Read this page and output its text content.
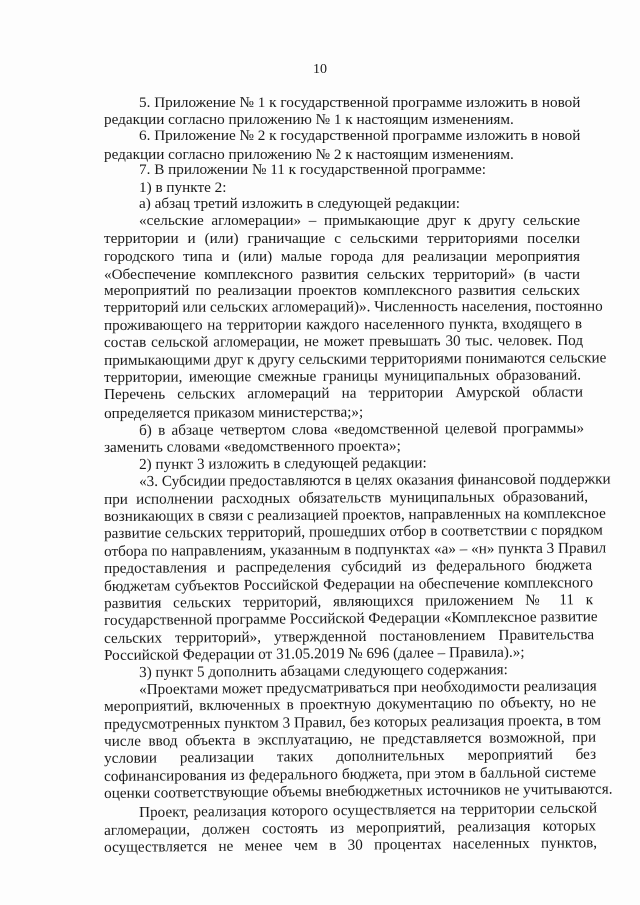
10
5. Приложение № 1 к государственной программе изложить в новой
редакции согласно приложению № 1 к настоящим изменениям.
6. Приложение № 2 к государственной программе изложить в новой
редакции согласно приложению № 2 к настоящим изменениям.
7. В приложении № 11 к государственной программе:
1) в пункте 2:
а) абзац третий изложить в следующей редакции:
«сельские агломерации» – примыкающие друг к другу сельские
территории и (или) граничащие с сельскими территориями поселки
городского типа и (или) малые города для реализации мероприятия
«Обеспечение комплексного развития сельских территорий» (в части
мероприятий по реализации проектов комплексного развития сельских
территорий или сельских агломераций)». Численность населения, постоянно
проживающего на территории каждого населенного пункта, входящего в
состав сельской агломерации, не может превышать 30 тыс. человек. Под
примыкающими друг к другу сельскими территориями понимаются сельские
территории, имеющие смежные границы муниципальных образований.
Перечень сельских агломераций на территории Амурской области
определяется приказом министерства;»;
б) в абзаце четвертом слова «ведомственной целевой программы»
заменить словами «ведомственного проекта»;
2) пункт 3 изложить в следующей редакции:
«3. Субсидии предоставляются в целях оказания финансовой поддержки
при исполнении расходных обязательств муниципальных образований,
возникающих в связи с реализацией проектов, направленных на комплексное
развитие сельских территорий, прошедших отбор в соответствии с порядком
отбора по направлениям, указанным в подпунктах «а» – «н» пункта 3 Правил
предоставления и распределения субсидий из федерального бюджета
бюджетам субъектов Российской Федерации на обеспечение комплексного
развития сельских территорий, являющихся приложением № 11 к
государственной программе Российской Федерации «Комплексное развитие
сельских территорий», утвержденной постановлением Правительства
Российской Федерации от 31.05.2019 № 696 (далее – Правила).»;
3) пункт 5 дополнить абзацами следующего содержания:
«Проектами может предусматриваться при необходимости реализация
мероприятий, включенных в проектную документацию по объекту, но не
предусмотренных пунктом 3 Правил, без которых реализация проекта, в том
числе ввод объекта в эксплуатацию, не представляется возможной, при
условии реализации таких дополнительных мероприятий без
софинансирования из федерального бюджета, при этом в балльной системе
оценки соответствующие объемы внебюджетных источников не учитываются.
Проект, реализация которого осуществляется на территории сельской
агломерации, должен состоять из мероприятий, реализация которых
осуществляется не менее чем в 30 процентах населенных пунктов,
